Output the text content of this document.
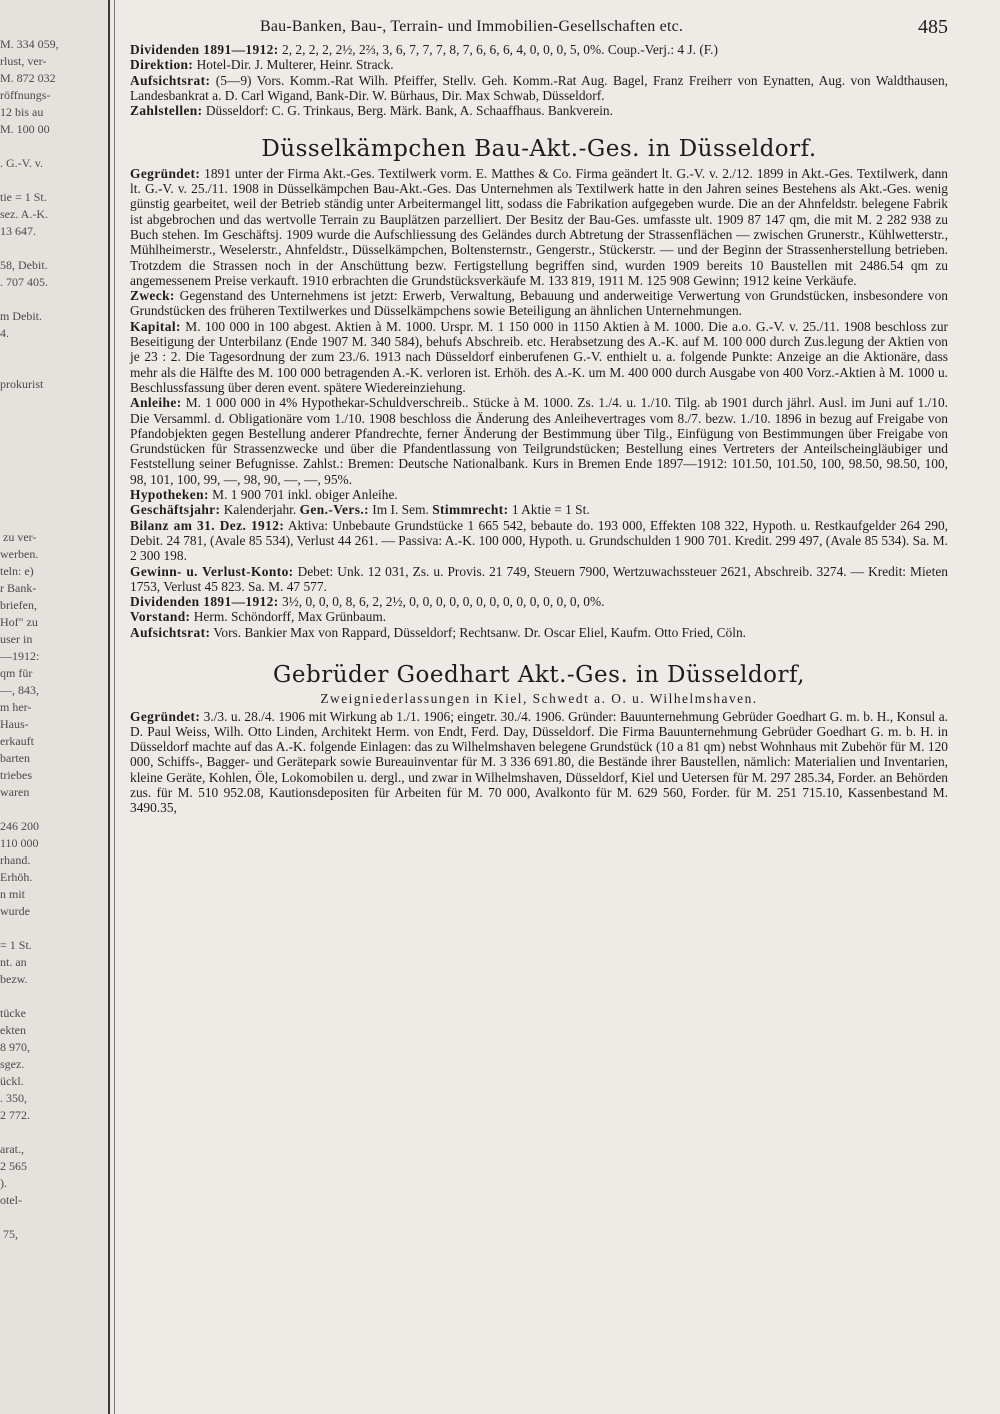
M. 334 059,
rlust, ver-
M. 872 032
röffnungs-
12 bis au
M. 100 00

. G.-V. v.

tie = 1 St.
sez. A.-K.
13 647.

58, Debit.
. 707 405.

m Debit.
4.

prokurist

zu ver-
werben.
teln: e)
r Bank-
briefen,
Hof" zu
user in
—1912:
qm für
—, 843,
m her-
Haus-
erkauft
barten
triebes
waren

246 200
110 000
rhand.
Erhöh.
n mit
wurde

= 1 St.
nt. an
bezw.

tücke
ekten
8 970,
sgez.
ückl.
. 350,
2 772.

arat.,
2 565
).
otel-

75,
Bau-Banken, Bau-, Terrain- und Immobilien-Gesellschaften etc.	485

Dividenden 1891—1912: 2, 2, 2, 2, 2½, 2⅔, 3, 6, 7, 7, 7, 8, 7, 6, 6, 6, 4, 0, 0, 0, 5, 0%. Coup.-Verj.: 4 J. (F.)

Direktion: Hotel-Dir. J. Multerer, Heinr. Strack.

Aufsichtsrat: (5—9) Vors. Komm.-Rat Wilh. Pfeiffer, Stellv. Geh. Komm.-Rat Aug. Bagel, Franz Freiherr von Eynatten, Aug. von Waldthausen, Landesbankrat a. D. Carl Wigand, Bank-Dir. W. Bürhaus, Dir. Max Schwab, Düsseldorf.

Zahlstellen: Düsseldorf: C. G. Trinkaus, Berg. Märk. Bank, A. Schaaffhaus. Bankverein.

Düsselkämpchen Bau-Akt.-Ges. in Düsseldorf.

Gegründet: 1891 unter der Firma Akt.-Ges. Textilwerk vorm. E. Matthes & Co. Firma geändert lt. G.-V. v. 2./12. 1899 in Akt.-Ges. Textilwerk, dann lt. G.-V. v. 25./11. 1908 in Düsselkämpchen Bau-Akt.-Ges. Das Unternehmen als Textilwerk hatte in den Jahren seines Bestehens als Akt.-Ges. wenig günstig gearbeitet, weil der Betrieb ständig unter Arbeitermangel litt, sodass die Fabrikation aufgegeben wurde. Die an der Ahnfeldstr. belegene Fabrik ist abgebrochen und das wertvolle Terrain zu Bauplätzen parzelliert. Der Besitz der Bau-Ges. umfasste ult. 1909 87 147 qm, die mit M. 2 282 938 zu Buch stehen. Im Geschäftsj. 1909 wurde die Aufschliessung des Geländes durch Abtretung der Strassenflächen — zwischen Grunerstr., Kühlwetterstr., Mühlheimerstr., Weselerstr., Ahnfeldstr., Düsselkämpchen, Boltensternstr., Gengerstr., Stückerstr. — und der Beginn der Strassenherstellung betrieben. Trotzdem die Strassen noch in der Anschüttung bezw. Fertigstellung begriffen sind, wurden 1909 bereits 10 Baustellen mit 2486.54 qm zu angemessenem Preise verkauft. 1910 erbrachten die Grundstücksverkäufe M. 133 819, 1911 M. 125 908 Gewinn; 1912 keine Verkäufe.

Zweck: Gegenstand des Unternehmens ist jetzt: Erwerb, Verwaltung, Bebauung und anderweitige Verwertung von Grundstücken, insbesondere von Grundstücken des früheren Textilwerkes und Düsselkämpchens sowie Beteiligung an ähnlichen Unternehmungen.

Kapital: M. 100 000 in 100 abgest. Aktien à M. 1000. Urspr. M. 1 150 000 in 1150 Aktien à M. 1000. Die a.o. G.-V. v. 25./11. 1908 beschloss zur Beseitigung der Unterbilanz (Ende 1907 M. 340 584), behufs Abschreib. etc. Herabsetzung des A.-K. auf M. 100 000 durch Zus.legung der Aktien von je 23 : 2. Die Tagesordnung der zum 23./6. 1913 nach Düsseldorf einberufenen G.-V. enthielt u. a. folgende Punkte: Anzeige an die Aktionäre, dass mehr als die Hälfte des M. 100 000 betragenden A.-K. verloren ist. Erhöh. des A.-K. um M. 400 000 durch Ausgabe von 400 Vorz.-Aktien à M. 1000 u. Beschlussfassung über deren event. spätere Wiedereinziehung.

Anleihe: M. 1 000 000 in 4% Hypothekar-Schuldverschreib.. Stücke à M. 1000. Zs. 1./4. u. 1./10. Tilg. ab 1901 durch jährl. Ausl. im Juni auf 1./10. Die Versamml. d. Obligationäre vom 1./10. 1908 beschloss die Änderung des Anleihevertrages vom 8./7. bezw. 1./10. 1896 in bezug auf Freigabe von Pfandobjekten gegen Bestellung anderer Pfandrechte, ferner Änderung der Bestimmung über Tilg., Einfügung von Bestimmungen über Freigabe von Grundstücken für Strassenzwecke und über die Pfandentlassung von Teilgrundstücken; Bestellung eines Vertreters der Anteilscheingläubiger und Feststellung seiner Befugnisse. Zahlst.: Bremen: Deutsche Nationalbank. Kurs in Bremen Ende 1897—1912: 101.50, 101.50, 100, 98.50, 98.50, 100, 98, 101, 100, 99, —, 98, 90, —, —, 95%.

Hypotheken: M. 1 900 701 inkl. obiger Anleihe.

Geschäftsjahr: Kalenderjahr. Gen.-Vers.: Im I. Sem. Stimmrecht: 1 Aktie = 1 St.

Bilanz am 31. Dez. 1912: Aktiva: Unbebaute Grundstücke 1 665 542, bebaute do. 193 000, Effekten 108 322, Hypoth. u. Restkaufgelder 264 290, Debit. 24 781, (Avale 85 534), Verlust 44 261. — Passiva: A.-K. 100 000, Hypoth. u. Grundschulden 1 900 701. Kredit. 299 497, (Avale 85 534). Sa. M. 2 300 198.

Gewinn- u. Verlust-Konto: Debet: Unk. 12 031, Zs. u. Provis. 21 749, Steuern 7900, Wertzuwachssteuer 2621, Abschreib. 3274. — Kredit: Mieten 1753, Verlust 45 823. Sa. M. 47 577.

Dividenden 1891—1912: 3½, 0, 0, 0, 8, 6, 2, 2½, 0, 0, 0, 0, 0, 0, 0, 0, 0, 0, 0, 0, 0, 0%.

Vorstand: Herm. Schöndorff, Max Grünbaum.

Aufsichtsrat: Vors. Bankier Max von Rappard, Düsseldorf; Rechtsanw. Dr. Oscar Eliel, Kaufm. Otto Fried, Cöln.

Gebrüder Goedhart Akt.-Ges. in Düsseldorf,
Zweigniederlassungen in Kiel, Schwedt a. O. u. Wilhelmshaven.

Gegründet: 3./3. u. 28./4. 1906 mit Wirkung ab 1./1. 1906; eingetr. 30./4. 1906. Gründer: Bauunternehmung Gebrüder Goedhart G. m. b. H., Konsul a. D. Paul Weiss, Wilh. Otto Linden, Architekt Herm. von Endt, Ferd. Day, Düsseldorf. Die Firma Bauunternehmung Gebrüder Goedhart G. m. b. H. in Düsseldorf machte auf das A.-K. folgende Einlagen: das zu Wilhelmshaven belegene Grundstück (10 a 81 qm) nebst Wohnhaus mit Zubehör für M. 120 000, Schiffs-, Bagger- und Gerätepark sowie Bureauinventar für M. 3 336 691.80, die Bestände ihrer Baustellen, nämlich: Materialien und Inventarien, kleine Geräte, Kohlen, Öle, Lokomobilen u. dergl., und zwar in Wilhelmshaven, Düsseldorf, Kiel und Uetersen für M. 297 285.34, Forder. an Behörden zus. für M. 510 952.08, Kautionsdepositen für Arbeiten für M. 70 000, Avalkonto für M. 629 560, Forder. für M. 251 715.10, Kassenbestand M. 3490.35,
